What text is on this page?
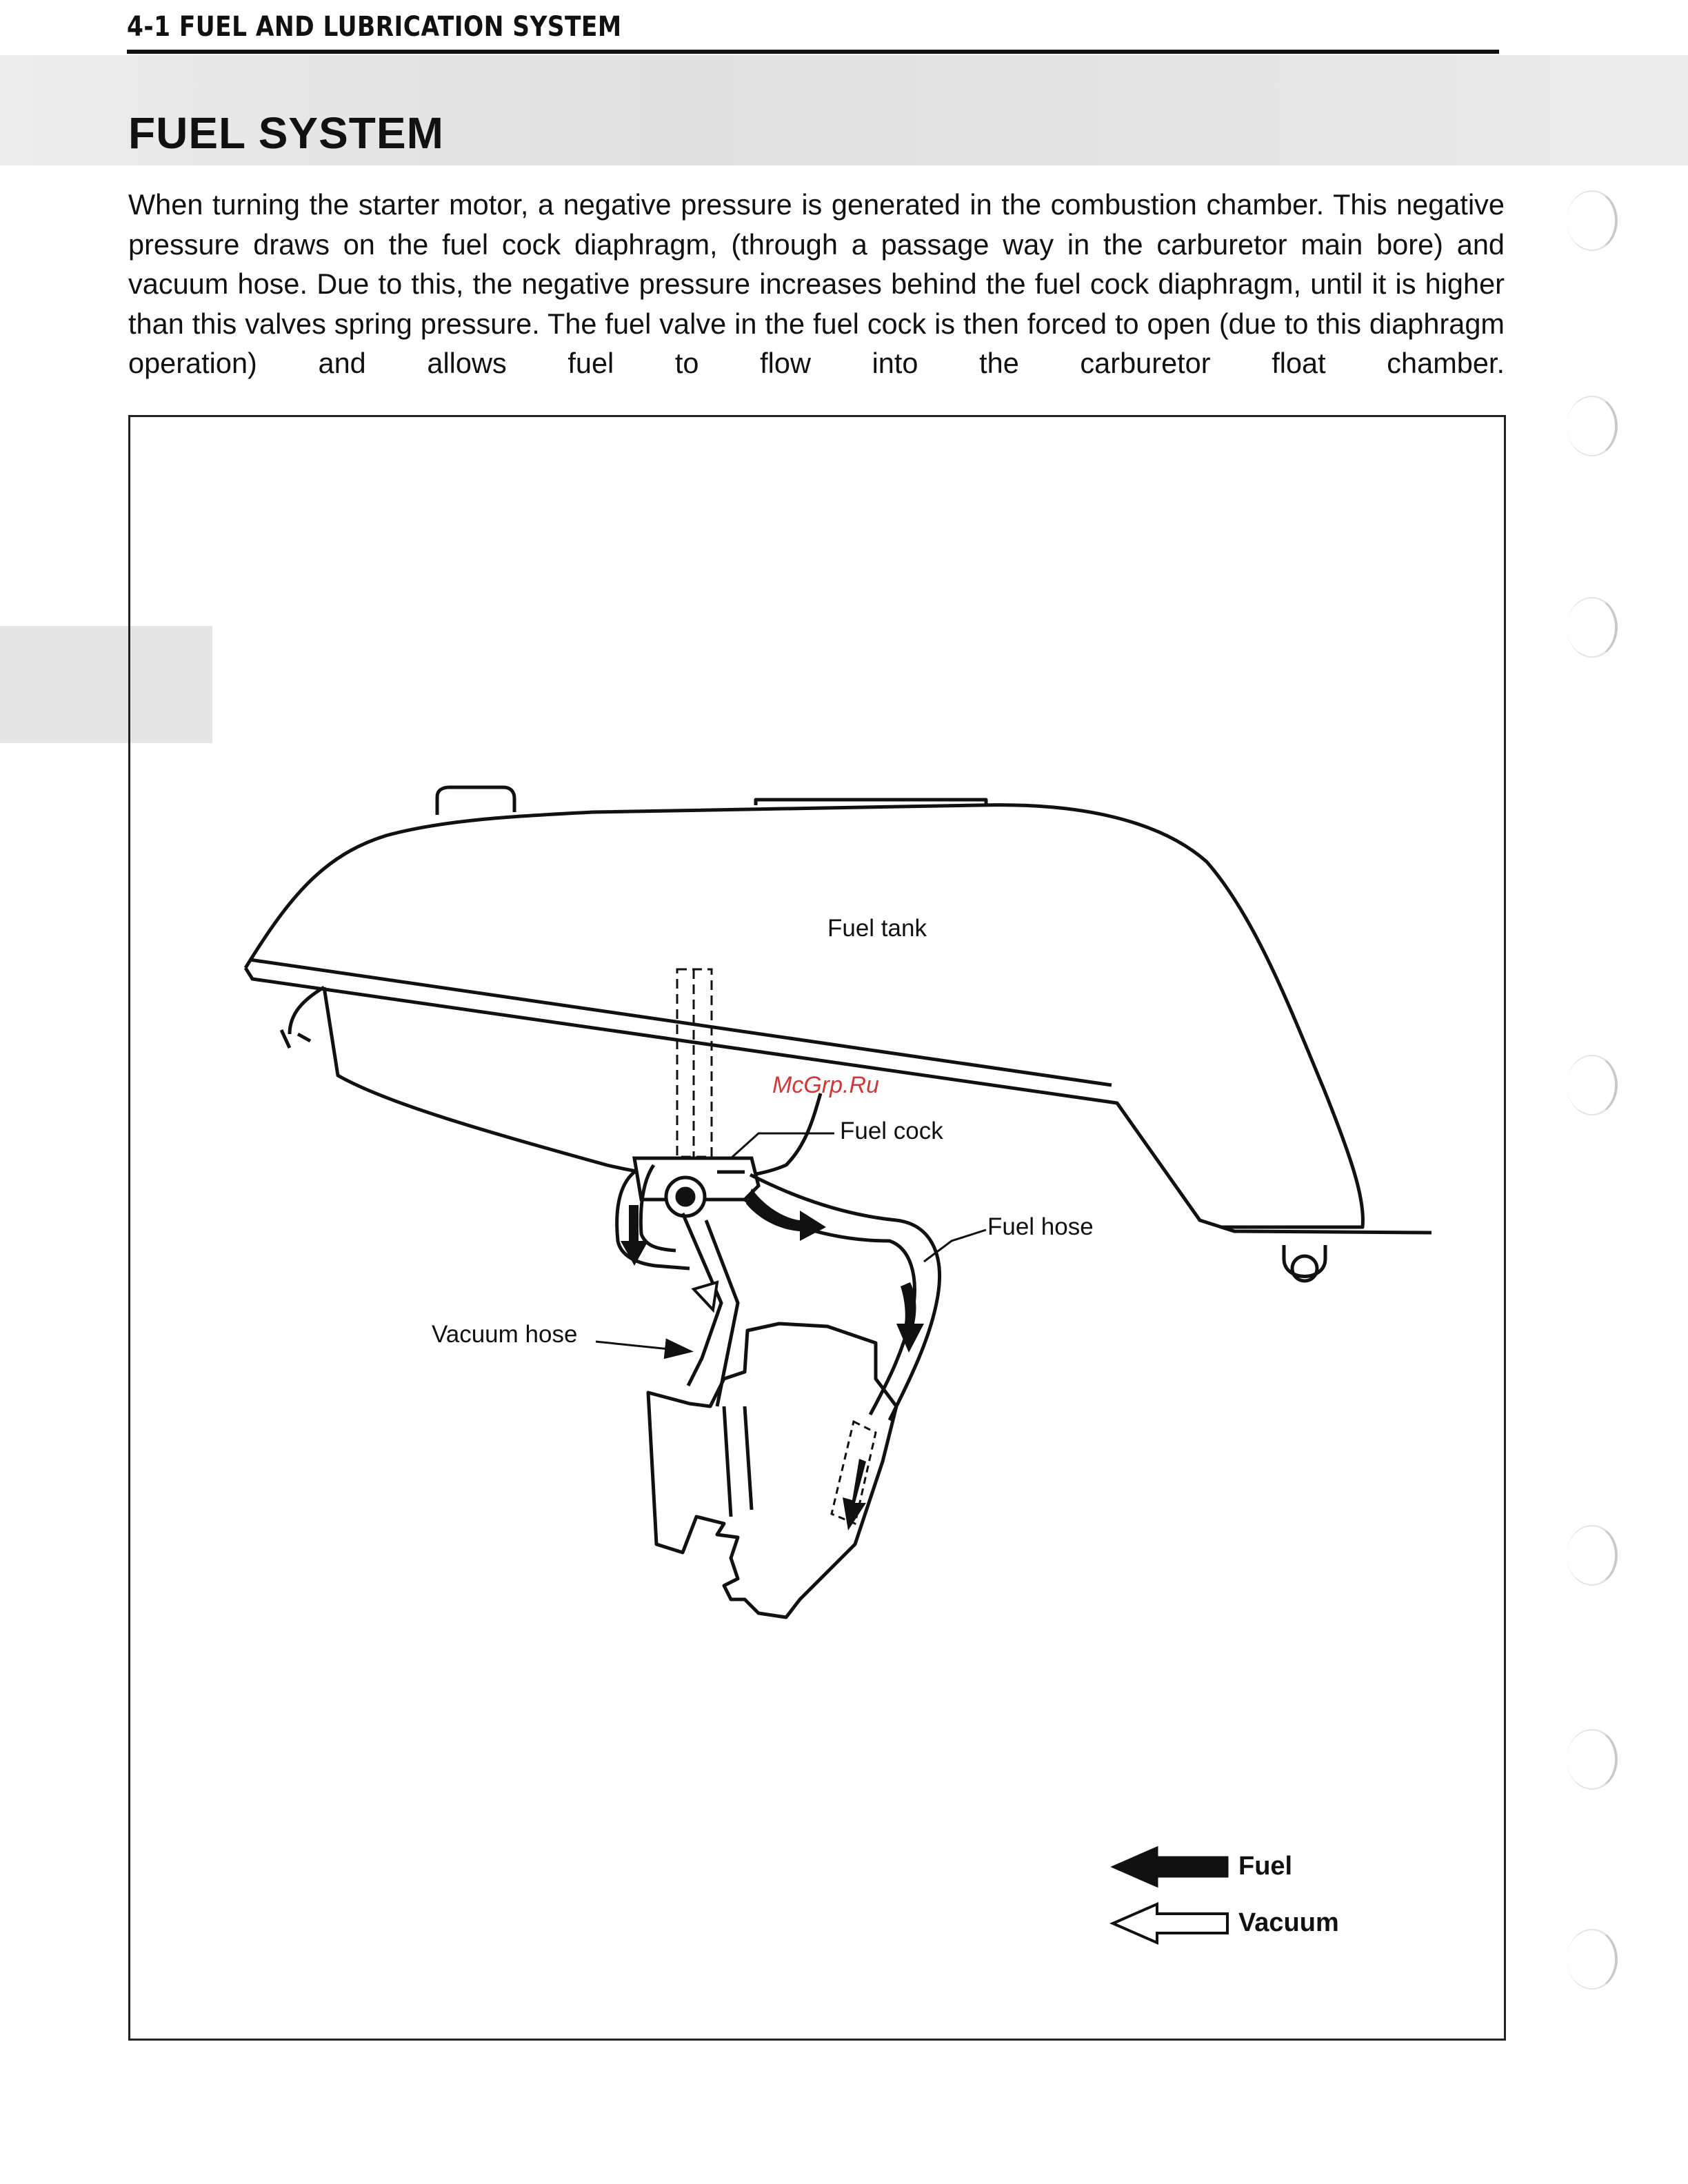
4-1 FUEL AND LUBRICATION SYSTEM
FUEL SYSTEM

When turning the starter motor, a negative pressure is generated in the combustion chamber. This negative pressure draws on the fuel cock diaphragm, (through a passage way in the carburetor main bore) and vacuum hose. Due to this, the negative pressure increases behind the fuel cock diaphragm, until it is higher than this valves spring pressure. The fuel valve in the fuel cock is then forced to open (due to this diaphragm operation) and allows fuel to flow into the carburetor float chamber.

Fuel tank
Fuel cock
Fuel hose
Vacuum hose
McGrp.Ru
Fuel
Vacuum
